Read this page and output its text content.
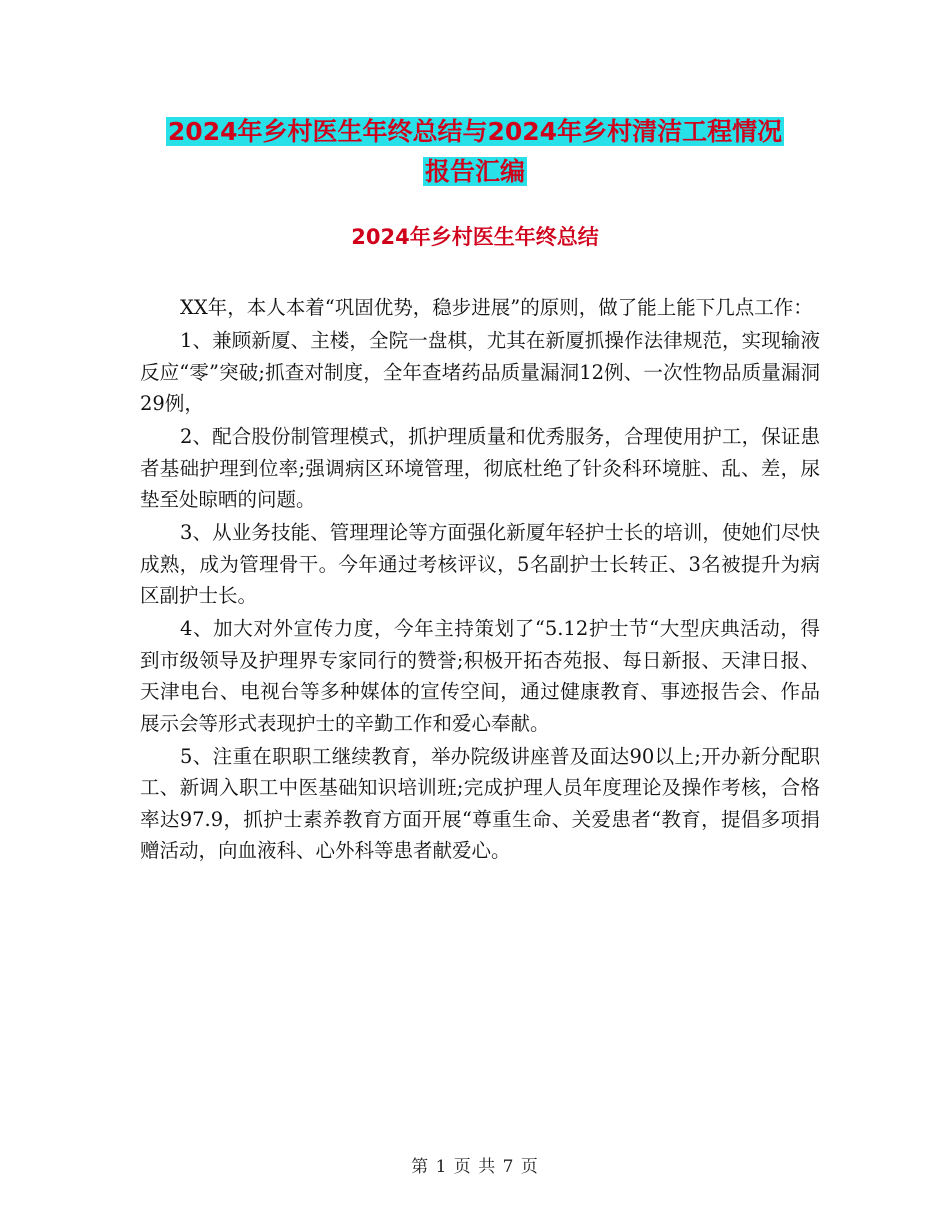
2024年乡村医生年终总结与2024年乡村清洁工程情况
报告汇编
2024年乡村医生年终总结

XX年，本人本着“巩固优势，稳步进展”的原则，做了能上能下几点工作：

1、兼顾新厦、主楼，全院一盘棋，尤其在新厦抓操作法律规范，实现输液反应“零”突破;抓查对制度，全年查堵药品质量漏洞12例、一次性物品质量漏洞29例，

2、配合股份制管理模式，抓护理质量和优秀服务，合理使用护工，保证患者基础护理到位率;强调病区环境管理，彻底杜绝了针灸科环境脏、乱、差，尿垫至处晾晒的问题。

3、从业务技能、管理理论等方面强化新厦年轻护士长的培训，使她们尽快成熟，成为管理骨干。今年通过考核评议，5名副护士长转正、3名被提升为病区副护士长。

4、加大对外宣传力度，今年主持策划了“5.12护士节“大型庆典活动，得到市级领导及护理界专家同行的赞誉;积极开拓杏苑报、每日新报、天津日报、天津电台、电视台等多种媒体的宣传空间，通过健康教育、事迹报告会、作品展示会等形式表现护士的辛勤工作和爱心奉献。

5、注重在职职工继续教育，举办院级讲座普及面达90以上;开办新分配职工、新调入职工中医基础知识培训班;完成护理人员年度理论及操作考核，合格率达97.9，抓护士素养教育方面开展“尊重生命、关爱患者“教育，提倡多项捐赠活动，向血液科、心外科等患者献爱心。

第 1 页 共 7 页
